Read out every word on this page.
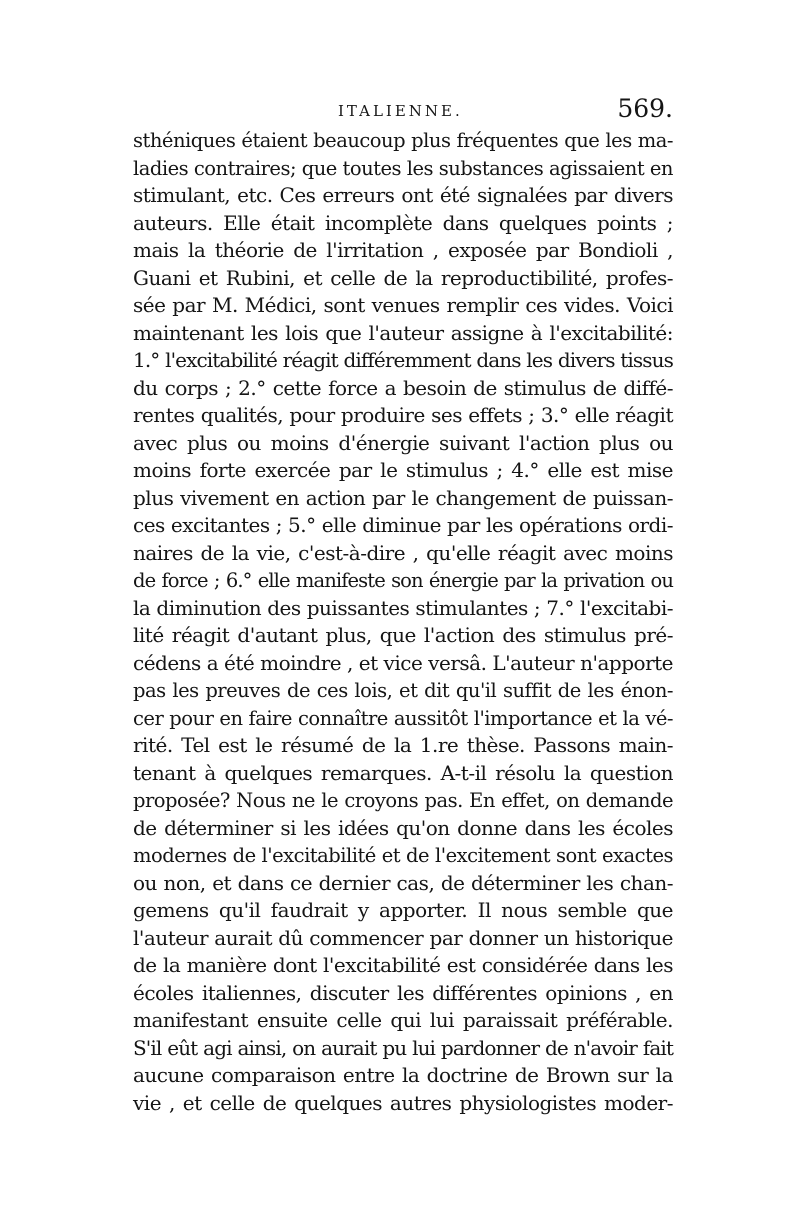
ITALIENNE.	569.
sthéniques étaient beaucoup plus fréquentes que les ma-
ladies contraires; que toutes les substances agissaient en
stimulant, etc. Ces erreurs ont été signalées par divers
auteurs. Elle était incomplète dans quelques points ;
mais la théorie de l'irritation , exposée par Bondioli ,
Guani et Rubini, et celle de la reproductibilité, profes-
sée par M. Médici, sont venues remplir ces vides. Voici
maintenant les lois que l'auteur assigne à l'excitabilité:
1.° l'excitabilité réagit différemment dans les divers tissus
du corps ; 2.° cette force a besoin de stimulus de diffé-
rentes qualités, pour produire ses effets ; 3.° elle réagit
avec plus ou moins d'énergie suivant l'action plus ou
moins forte exercée par le stimulus ; 4.° elle est mise
plus vivement en action par le changement de puissan-
ces excitantes ; 5.° elle diminue par les opérations ordi-
naires de la vie, c'est-à-dire , qu'elle réagit avec moins
de force ; 6.° elle manifeste son énergie par la privation ou
la diminution des puissantes stimulantes ; 7.° l'excitabi-
lité réagit d'autant plus, que l'action des stimulus pré-
cédens a été moindre , et vice versâ. L'auteur n'apporte
pas les preuves de ces lois, et dit qu'il suffit de les énon-
cer pour en faire connaître aussitôt l'importance et la vé-
rité. Tel est le résumé de la 1.re thèse. Passons main-
tenant à quelques remarques. A-t-il résolu la question
proposée? Nous ne le croyons pas. En effet, on demande
de déterminer si les idées qu'on donne dans les écoles
modernes de l'excitabilité et de l'excitement sont exactes
ou non, et dans ce dernier cas, de déterminer les chan-
gemens qu'il faudrait y apporter. Il nous semble que
l'auteur aurait dû commencer par donner un historique
de la manière dont l'excitabilité est considérée dans les
écoles italiennes, discuter les différentes opinions , en
manifestant ensuite celle qui lui paraissait préférable.
S'il eût agi ainsi, on aurait pu lui pardonner de n'avoir fait
aucune comparaison entre la doctrine de Brown sur la
vie , et celle de quelques autres physiologistes moder-
